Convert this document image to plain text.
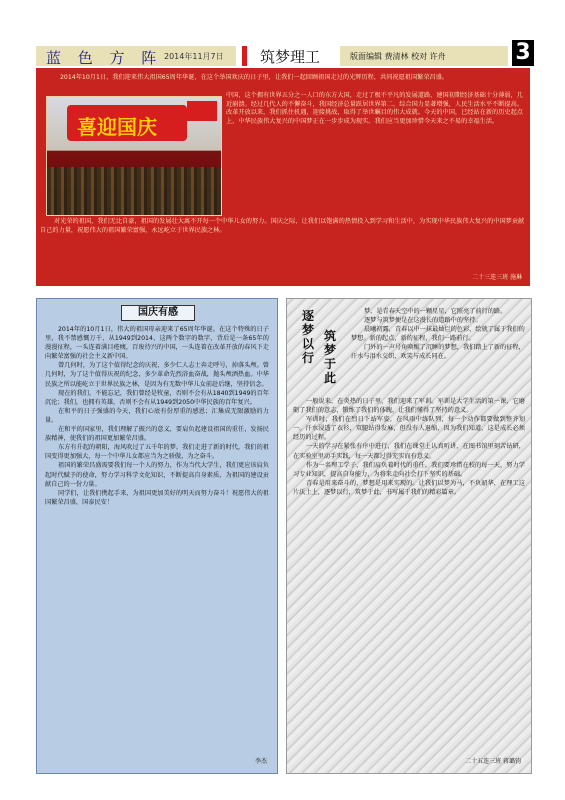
蓝 色 方 阵 2014年11月7日 筑梦理工	版面编辑 费清林 校对 许舟	3
2014年10月1日，我们迎来伟大祖国65周年华诞，在这个举国欢庆的日子里，让我们一起回顾祖国走过的光辉历程，共同祝愿祖国繁荣昌盛。
喜迎国庆
中国，这个拥有世界五分之一人口的东方大国，走过了极不平凡的发展道路，建国初期经济基础十分薄弱，几近崩溃。经过几代人的不懈奋斗，我国经济总量跃居世界第二，综合国力显著增强，人民生活水平不断提高。改革开放以来，我们抓住机遇，迎接挑战，取得了举世瞩目的伟大成就。今天的中国，已经站在新的历史起点上，中华民族伟大复兴的中国梦正在一步步成为现实。我们应当更加珍惜今天来之不易的幸福生活。
对光荣的祖国，我们无比自豪，祖国的发展壮大离不开每一个中华儿女的努力。国庆之际，让我们以饱满的热情投入到学习和生活中，为实现中华民族伟大复兴的中国梦贡献自己的力量，祝愿伟大的祖国繁荣富强，永远屹立于世界民族之林。
二十三连三班 施琳
国庆有感

2014年的10月1日，伟大的祖国母亲迎来了65周年华诞。在这个特殊的日子里，我不禁感慨万千，从1949到2014，这两个数字的数字，背后是一条65年的漫漫征程，一头连着满目疮痍，百废待兴的中国，一头连着在改革开放的春风下走向繁荣富强的社会主义新中国。

曾几何时，为了这个值得纪念的庆祝，多少仁人志士奔走呼号，掉落头颅。曾几何时，为了这个值得庆祝的纪念，多少革命先烈浴血奋战，抛头颅洒热血。中华民族之所以能屹立于世界民族之林，是因为有无数中华儿女前赴后继，坚持信念。

现在的我们，不能忘记，我们曾经是牧童，否则不会有从1840到1949的百年沉沦；我们，也拥有英雄，否则不会有从1949到2050中华民族的百年复兴。

在和平的日子强盛的今天，我们心底有份厚重的感恩；汇集成无限激励的力量。

在和平的国家里，我们理解了振兴的意义，要肩负起建设祖国的重任，发扬民族精神，使我们的祖国更加繁荣昌盛。

东方有升起的朝阳，海风吹过了五千年的梦。我们走进了新的时代，我们的祖国变得更加强大，每一个中华儿女都应当为之骄傲，为之奋斗。

祖国的繁荣昌盛需要我们每一个人的努力，作为当代大学生，我们更应该肩负起时代赋予的使命，努力学习科学文化知识，不断提高自身素质，为祖国的建设贡献自己的一份力量。

同学们，让我们携起手来，为祖国更加美好的明天而努力奋斗！祝愿伟大的祖国繁荣昌盛，国泰民安！

李杰
逐梦以行
筑梦于此

梦，是青春天空中的一颗星星，它照亮了前行的路。

逐梦与筑梦便是在这漫长的道路中的坚持。

晨曦初露，青春以中一抹最灿烂的色彩，绘就了属于我们的梦想。新的起点，新的征程，我们一路前行。

门外的一声号角唤醒了沉睡的梦想，我们踏上了新的征程，汗水与泪水交织，欢笑与成长同在。

一般说来，在炎热的日子里，我们迎来了军训。军训是大学生活的第一课，它磨砺了我们的意志，锻炼了我们的体魄，让我们懂得了坚持的意义。

军训时，我们在烈日下站军姿，在风雨中练队列，每一个动作都要做到整齐划一。汗水浸透了衣衫，双腿站得发麻，但没有人退缩，因为我们知道，这是成长必须经历的过程。

一天的学习在紧张有序中进行，我们在课堂上认真听讲，在图书馆里刻苦钻研，在实验室里动手实践，每一天都过得充实而有意义。

作为一名理工学子，我们肩负着时代的重任。我们要珍惜在校的每一天，努力学习专业知识，提高自身能力，为将来走向社会打下坚实的基础。

青春是用来奋斗的，梦想是用来实现的。让我们以梦为马，不负韶华，在理工这片沃土上，逐梦以行，筑梦于此，书写属于我们的精彩篇章。

二十五连三班 蒋璐钧
